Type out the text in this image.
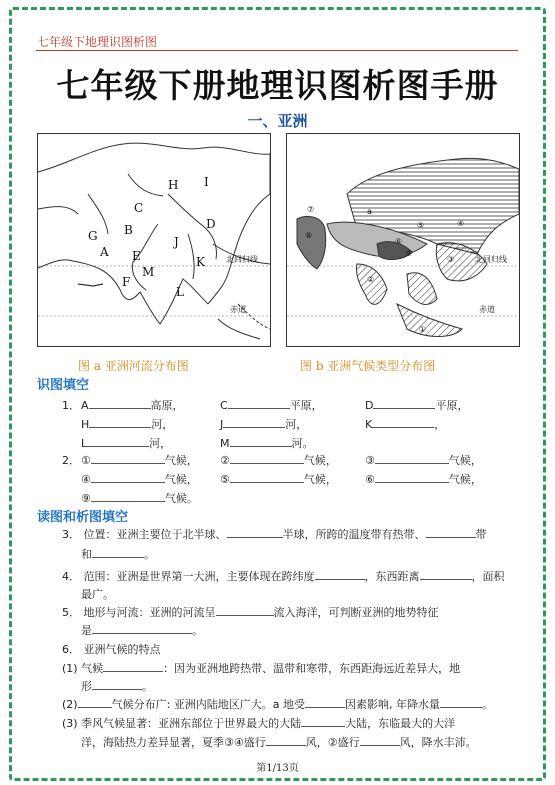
七年级下地理识图析图
七年级下册地理识图析图手册
一、亚洲
北回归线
赤道
H I
C
G B	D
A
J
E
M
K
F
L
北回归线
赤道
⑦	a
⑤	④
⑧
⑥
⑨
③
②
①
图 a 亚洲河流分布图	图 b 亚洲气候类型分布图
识图填空
1． A	高原，	C	平原，	D	平原，
H	河，	J	河，	K	，
L	河，	M	河。
2． ①	气候， ②	气候，	③	气候，
④	气候， ⑤	气候，	⑥	气候，
⑨	气候。
读图和析图填空
3． 位置：亚洲主要位于北半球、	半球，所跨的温度带有热带、	带
和	。
4． 范围：亚洲是世界第一大洲，主要体现在跨纬度	，东西距离	，面积
最广。
5． 地形与河流：亚洲的河流呈	流入海洋，可判断亚洲的地势特征
是	。
6． 亚洲气候的特点
(1) 气候	：因为亚洲地跨热带、温带和寒带，东西距海远近差异大，地
形	。
(2)	气候分布广: 亚洲内陆地区广大。a 地受	因素影响, 年降水量	。
(3) 季风气候显著：亚洲东部位于世界最大的大陆	大陆，东临最大的大洋
洋，海陆热力差异显著，夏季③④盛行	风，②盛行	风，降水丰沛。
第1/13页
